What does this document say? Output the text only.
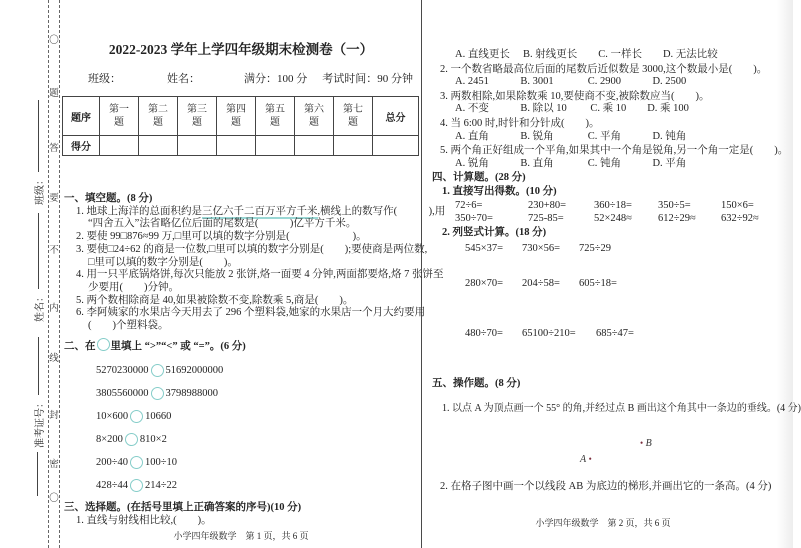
〇
题
答
要
不
内
线
封
密
〇
班级：
姓名：
准考证号：
2022-2023 学年上学四年级期末检测卷（一）
班级：	姓名：	满分：100 分 考试时间：90 分钟
题序	第一题	第二题	第三题	第四题	第五题	第六题	第七题	总分
得分								
一、填空题。(8 分)
1. 地球上海洋的总面积约是三亿六千二百万平方千米,横线上的数写作(　　　),用
“四舍五入”法省略亿位后面的尾数是(　　　)亿平方千米。
2. 要使 99□876≈99 万,□里可以填的数字分别是(　　　　　　)。
3. 要使□24÷62 的商是一位数,□里可以填的数字分别是(　　);要使商是两位数,
□里可以填的数字分别是(　　)。
4. 用一只平底锅烙饼,每次只能放 2 张饼,烙一面要 4 分钟,两面都要烙,烙 7 张饼至
少要用(　　)分钟。
5. 两个数相除商是 40,如果被除数不变,除数乘 5,商是(　　)。
6. 李阿姨家的水果店今天用去了 296 个塑料袋,她家的水果店一个月大约要用
(　　)个塑料袋。
二、在 里填上 “>”“<” 或 “=”。(6 分)
5270230000 51692000000
3805560000 3798988000
10×600 10660
8×200 810×2
200÷40 100÷10
428÷44 214÷22
三、选择题。(在括号里填上正确答案的序号)(10 分)
1. 直线与射线相比较,(　　)。
小学四年级数学　第 1 页，共 6 页
A. 直线更长　 B. 射线更长　　C. 一样长　　D. 无法比较
2. 一个数省略最高位后面的尾数后近似数是 3000,这个数最小是(　　)。
A. 2451　　　B. 3001　　　 C. 2900　　　D. 2500
3. 两数相除,如果除数乘 10,要使商不变,被除数应当(　　)。
A. 不变　　　B. 除以 10　　 C. 乘 10　　D. 乘 100
4. 当 6:00 时,时针和分针成(　　)。
A. 直角　　　B. 锐角　　　 C. 平角　　　D. 钝角
5. 两个角正好组成一个平角,如果其中一个角是锐角,另一个角一定是(　　)。
A. 锐角　　　B. 直角　　　 C. 钝角　　　D. 平角
四、计算题。(28 分)
1. 直接写出得数。(10 分)
72÷6=	230+80=	360÷18=	350÷5=	150×6=
350÷70=	725-85=	52×248≈	612÷29≈	632÷92≈
2. 列竖式计算。(18 分)
545×37=	730×56=	725÷29
280×70=	204÷58=	605÷18=
480÷70=	65100÷210=	685÷47=
五、操作题。(8 分)
1. 以点 A 为顶点画一个 55° 的角,并经过点 B 画出这个角其中一条边的垂线。(4 分)
• B
A •
2. 在格子图中画一个以线段 AB 为底边的梯形,并画出它的一条高。(4 分)
小学四年级数学　第 2 页，共 6 页
